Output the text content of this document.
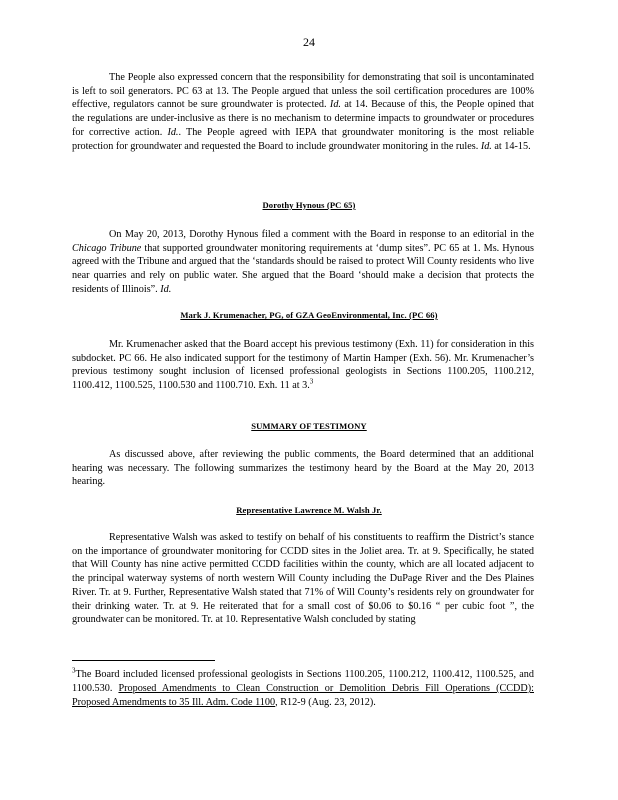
24

The People also expressed concern that the responsibility for demonstrating that soil is uncontaminated is left to soil generators. PC 63 at 13. The People argued that unless the soil certification procedures are 100% effective, regulators cannot be sure groundwater is protected. Id. at 14. Because of this, the People opined that the regulations are under-inclusive as there is no mechanism to determine impacts to groundwater or procedures for corrective action. Id.. The People agreed with IEPA that groundwater monitoring is the most reliable protection for groundwater and requested the Board to include groundwater monitoring in the rules. Id. at 14-15.

Dorothy Hynous (PC 65)

On May 20, 2013, Dorothy Hynous filed a comment with the Board in response to an editorial in the Chicago Tribune that supported groundwater monitoring requirements at ‘dump sites”. PC 65 at 1. Ms. Hynous agreed with the Tribune and argued that the ‘standards should be raised to protect Will County residents who live near quarries and rely on public water. She argued that the Board ‘should make a decision that protects the residents of Illinois”. Id.

Mark J. Krumenacher, PG, of GZA GeoEnvironmental, Inc. (PC 66)

Mr. Krumenacher asked that the Board accept his previous testimony (Exh. 11) for consideration in this subdocket. PC 66. He also indicated support for the testimony of Martin Hamper (Exh. 56). Mr. Krumenacher’s previous testimony sought inclusion of licensed professional geologists in Sections 1100.205, 1100.212, 1100.412, 1100.525, 1100.530 and 1100.710. Exh. 11 at 3.$^3$

SUMMARY OF TESTIMONY

As discussed above, after reviewing the public comments, the Board determined that an additional hearing was necessary. The following summarizes the testimony heard by the Board at the May 20, 2013 hearing.

Representative Lawrence M. Walsh Jr.

Representative Walsh was asked to testify on behalf of his constituents to reaffirm the District’s stance on the importance of groundwater monitoring for CCDD sites in the Joliet area. Tr. at 9. Specifically, he stated that Will County has nine active permitted CCDD facilities within the county, which are all located adjacent to the principal waterway systems of north western Will County including the DuPage River and the Des Plaines River. Tr. at 9. Further, Representative Walsh stated that 71% of Will County’s residents rely on groundwater for their drinking water. Tr. at 9. He reiterated that for a small cost of $0.06 to $0.16 “ per cubic foot ”, the groundwater can be monitored. Tr. at 10. Representative Walsh concluded by stating

$^3$The Board included licensed professional geologists in Sections 1100.205, 1100.212, 1100.412, 1100.525, and 1100.530. Proposed Amendments to Clean Construction or Demolition Debris Fill Operations (CCDD): Proposed Amendments to 35 Ill. Adm. Code 1100, R12-9 (Aug. 23, 2012).
